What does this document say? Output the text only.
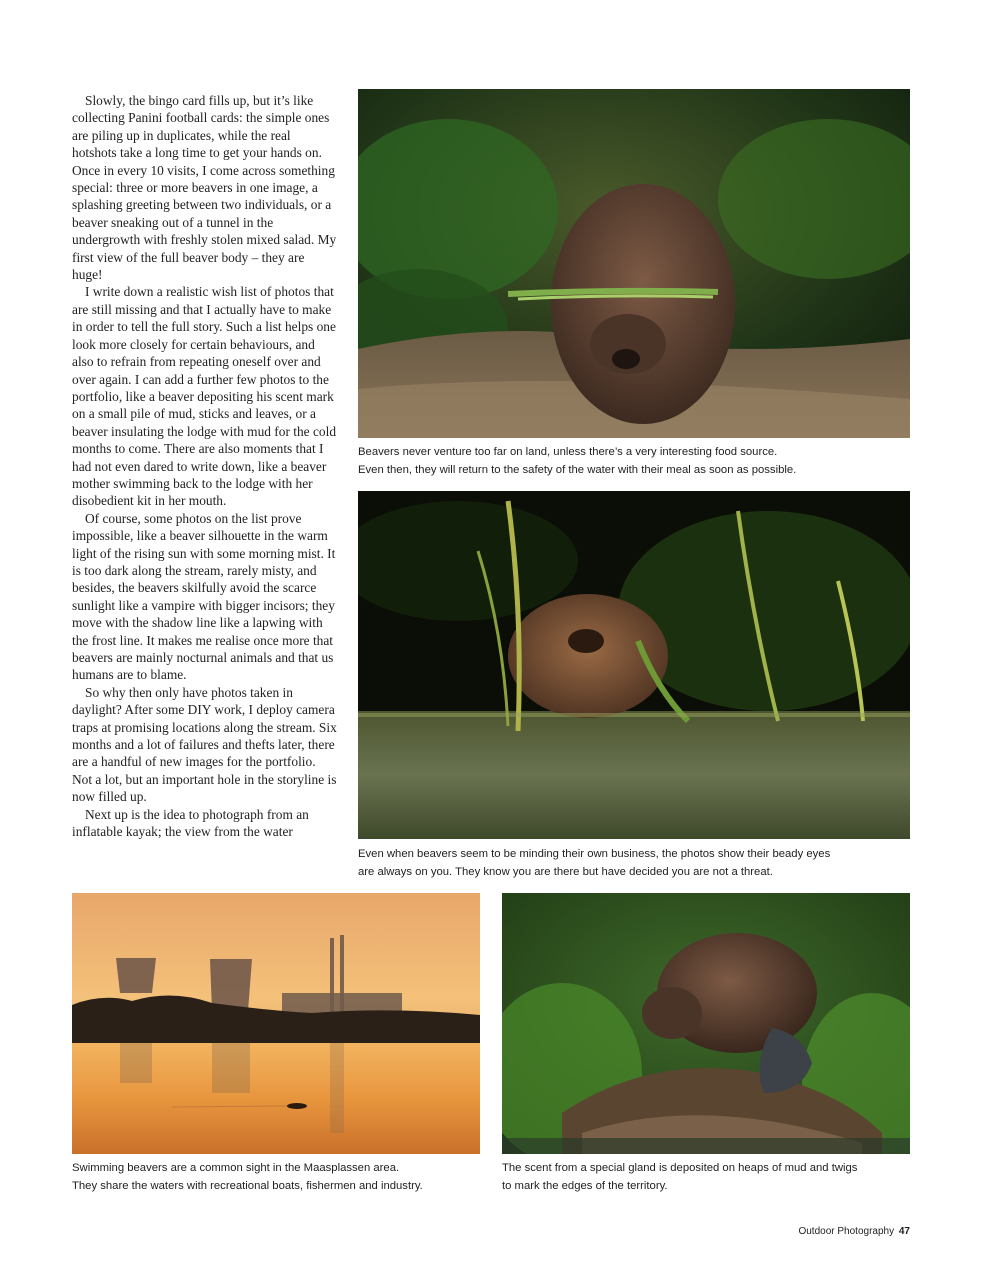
Slowly, the bingo card fills up, but it’s like collecting Panini football cards: the simple ones are piling up in duplicates, while the real hotshots take a long time to get your hands on. Once in every 10 visits, I come across something special: three or more beavers in one image, a splashing greeting between two individuals, or a beaver sneaking out of a tunnel in the undergrowth with freshly stolen mixed salad. My first view of the full beaver body – they are huge!

I write down a realistic wish list of photos that are still missing and that I actually have to make in order to tell the full story. Such a list helps one look more closely for certain behaviours, and also to refrain from repeating oneself over and over again. I can add a further few photos to the portfolio, like a beaver depositing his scent mark on a small pile of mud, sticks and leaves, or a beaver insulating the lodge with mud for the cold months to come. There are also moments that I had not even dared to write down, like a beaver mother swimming back to the lodge with her disobedient kit in her mouth.

Of course, some photos on the list prove impossible, like a beaver silhouette in the warm light of the rising sun with some morning mist. It is too dark along the stream, rarely misty, and besides, the beavers skilfully avoid the scarce sunlight like a vampire with bigger incisors; they move with the shadow line like a lapwing with the frost line. It makes me realise once more that beavers are mainly nocturnal animals and that us humans are to blame.

So why then only have photos taken in daylight? After some DIY work, I deploy camera traps at promising locations along the stream. Six months and a lot of failures and thefts later, there are a handful of new images for the portfolio. Not a lot, but an important hole in the storyline is now filled up.

Next up is the idea to photograph from an inflatable kayak; the view from the water

Beavers never venture too far on land, unless there’s a very interesting food source.
Even then, they will return to the safety of the water with their meal as soon as possible.
Even when beavers seem to be minding their own business, the photos show their beady eyes
are always on you. They know you are there but have decided you are not a threat.
Swimming beavers are a common sight in the Maasplassen area.
They share the waters with recreational boats, fishermen and industry.
The scent from a special gland is deposited on heaps of mud and twigs
to mark the edges of the territory.
Outdoor Photography 47
